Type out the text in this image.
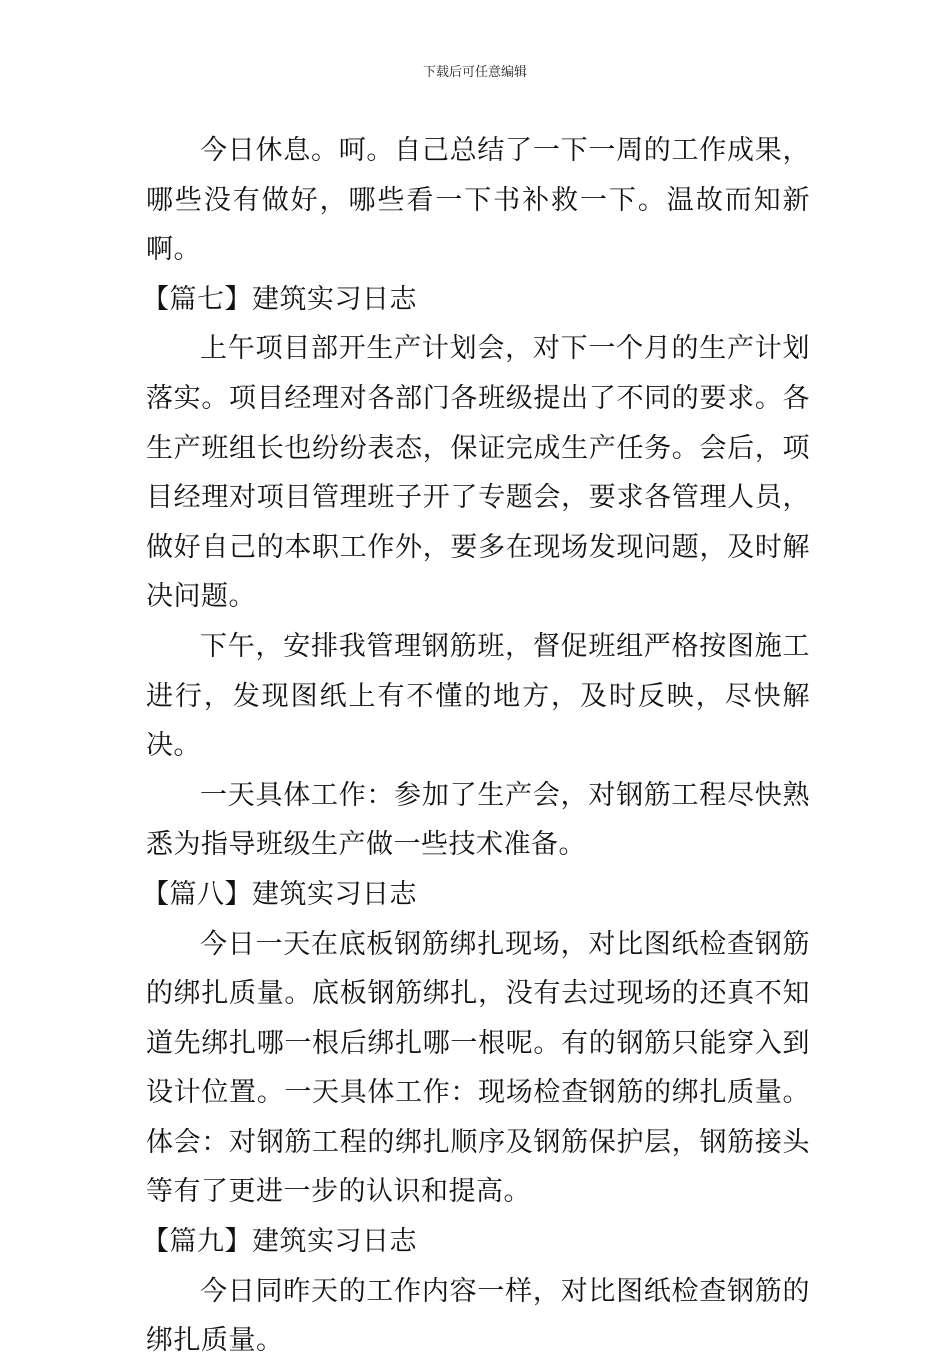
下载后可任意编辑

今日休息。呵。自己总结了一下一周的工作成果，哪些没有做好，哪些看一下书补救一下。温故而知新啊。

【篇七】建筑实习日志

上午项目部开生产计划会，对下一个月的生产计划落实。项目经理对各部门各班级提出了不同的要求。各生产班组长也纷纷表态，保证完成生产任务。会后，项目经理对项目管理班子开了专题会，要求各管理人员，做好自己的本职工作外，要多在现场发现问题，及时解决问题。

下午，安排我管理钢筋班，督促班组严格按图施工进行，发现图纸上有不懂的地方，及时反映，尽快解决。

一天具体工作：参加了生产会，对钢筋工程尽快熟悉为指导班级生产做一些技术准备。

【篇八】建筑实习日志

今日一天在底板钢筋绑扎现场，对比图纸检查钢筋的绑扎质量。底板钢筋绑扎，没有去过现场的还真不知道先绑扎哪一根后绑扎哪一根呢。有的钢筋只能穿入到设计位置。一天具体工作：现场检查钢筋的绑扎质量。体会：对钢筋工程的绑扎顺序及钢筋保护层，钢筋接头等有了更进一步的认识和提高。

【篇九】建筑实习日志

今日同昨天的工作内容一样，对比图纸检查钢筋的绑扎质量。
